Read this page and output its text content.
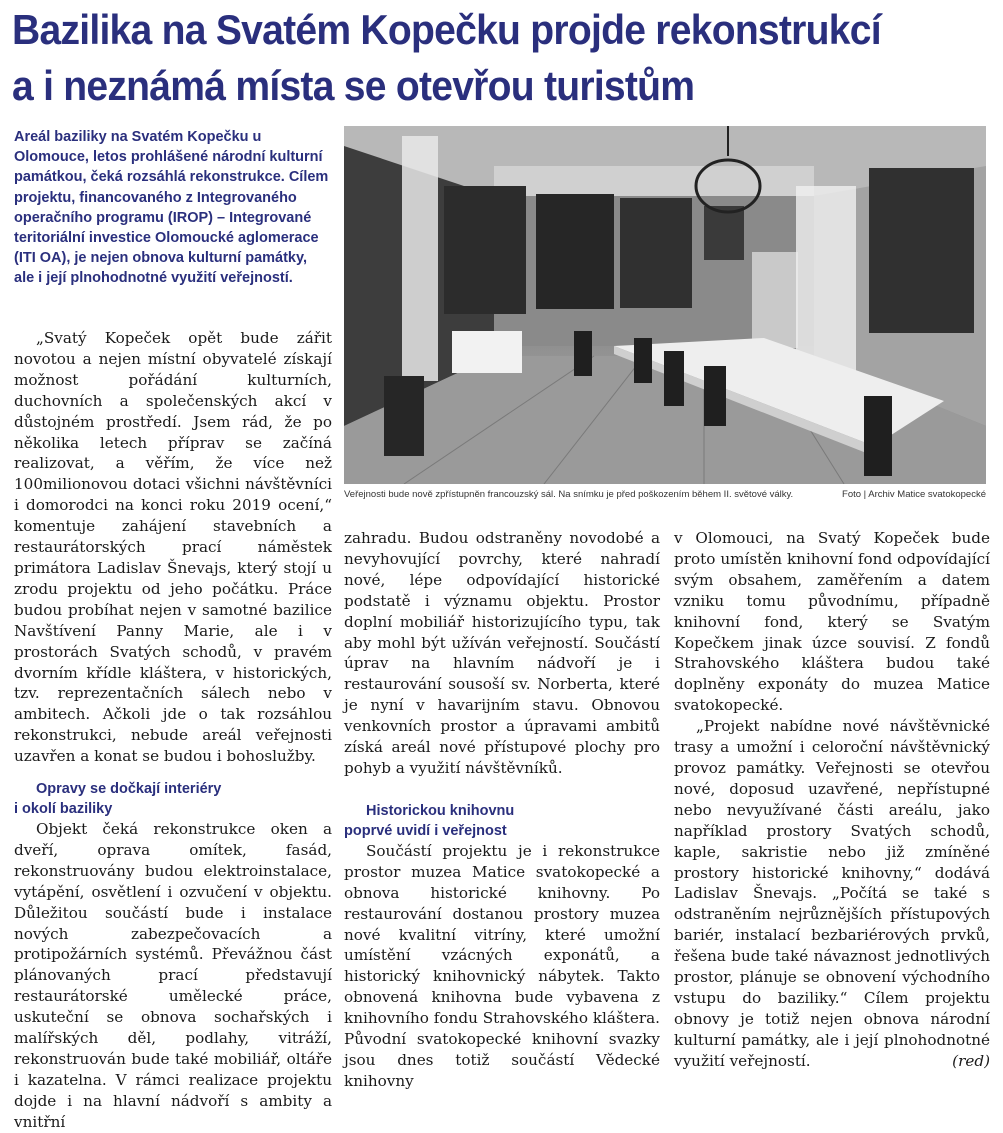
Bazilika na Svatém Kopečku projde rekonstrukcí
a i neznámá místa se otevřou turistům
Areál baziliky na Svatém Kopečku u Olomouce, letos prohlášené národní kulturní památkou, čeká rozsáhlá rekonstrukce. Cílem projektu, financovaného z Integrovaného operačního programu (IROP) – Integrované teritoriální investice Olomoucké aglomerace (ITI OA), je nejen obnova kulturní památky, ale i její plnohodnotné využití veřejností.
Veřejnosti bude nově zpřístupněn francouzský sál. Na snímku je před poškozením během II. světové války.	Foto | Archiv Matice svatokopecké

„Svatý Kopeček opět bude zářit novotou a nejen místní obyvatelé získají možnost pořádání kulturních, duchovních a společenských akcí v důstojném prostředí. Jsem rád, že po několika letech příprav se začíná realizovat, a věřím, že více než 100milionovou dotaci všichni návštěvníci i domorodci na konci roku 2019 ocení,“ komentuje zahájení stavebních a restaurátorských prací náměstek primátora Ladislav Šnevajs, který stojí u zrodu projektu od jeho počátku. Práce budou probíhat nejen v samotné bazilice Navštívení Panny Marie, ale i v prostorách Svatých schodů, v pravém dvorním křídle kláštera, v historických, tzv. reprezentačních sálech nebo v ambitech. Ačkoli jde o tak rozsáhlou rekonstrukci, nebude areál veřejnosti uzavřen a konat se budou i bohoslužby.

Opravy se dočkají interiéry
i okolí baziliky

Objekt čeká rekonstrukce oken a dveří, oprava omítek, fasád, rekonstruovány budou elektroinstalace, vytápění, osvětlení i ozvučení v objektu. Důležitou součástí bude i instalace nových zabezpečovacích a protipožárních systémů. Převážnou část plánovaných prací představují restaurátorské umělecké práce, uskuteční se obnova sochařských i malířských děl, podlahy, vitráží, rekonstruován bude také mobiliář, oltáře i kazatelna. V rámci realizace projektu dojde i na hlavní nádvoří s ambity a vnitřní

zahradu. Budou odstraněny novodobé a nevyhovující povrchy, které nahradí nové, lépe odpovídající historické podstatě i významu objektu. Prostor doplní mobiliář historizujícího typu, tak aby mohl být užíván veřejností. Součástí úprav na hlavním nádvoří je i restaurování sousoší sv. Norberta, které je nyní v havarijním stavu. Obnovou venkovních prostor a úpravami ambitů získá areál nové přístupové plochy pro pohyb a využití návštěvníků.

Historickou knihovnu
poprvé uvidí i veřejnost

Součástí projektu je i rekonstrukce prostor muzea Matice svatokopecké a obnova historické knihovny. Po restaurování dostanou prostory muzea nové kvalitní vitríny, které umožní umístění vzácných exponátů, a historický knihovnický nábytek. Takto obnovená knihovna bude vybavena z knihovního fondu Strahovského kláštera. Původní svatokopecké knihovní svazky jsou dnes totiž součástí Vědecké knihovny

v Olomouci, na Svatý Kopeček bude proto umístěn knihovní fond odpovídající svým obsahem, zaměřením a datem vzniku tomu původnímu, případně knihovní fond, který se Svatým Kopečkem jinak úzce souvisí. Z fondů Strahovského kláštera budou také doplněny exponáty do muzea Matice svatokopecké.

„Projekt nabídne nové návštěvnické trasy a umožní i celoroční návštěvnický provoz památky. Veřejnosti se otevřou nové, doposud uzavřené, nepřístupné nebo nevyužívané části areálu, jako například prostory Svatých schodů, kaple, sakristie nebo již zmíněné prostory historické knihovny,“ dodává Ladislav Šnevajs. „Počítá se také s odstraněním nejrůznějších přístupových bariér, instalací bezbariérových prvků, řešena bude také návaznost jednotlivých prostor, plánuje se obnovení východního vstupu do baziliky.“ Cílem projektu obnovy je totiž nejen obnova národní kulturní památky, ale i její plnohodnotné využití veřejností.	(red)
